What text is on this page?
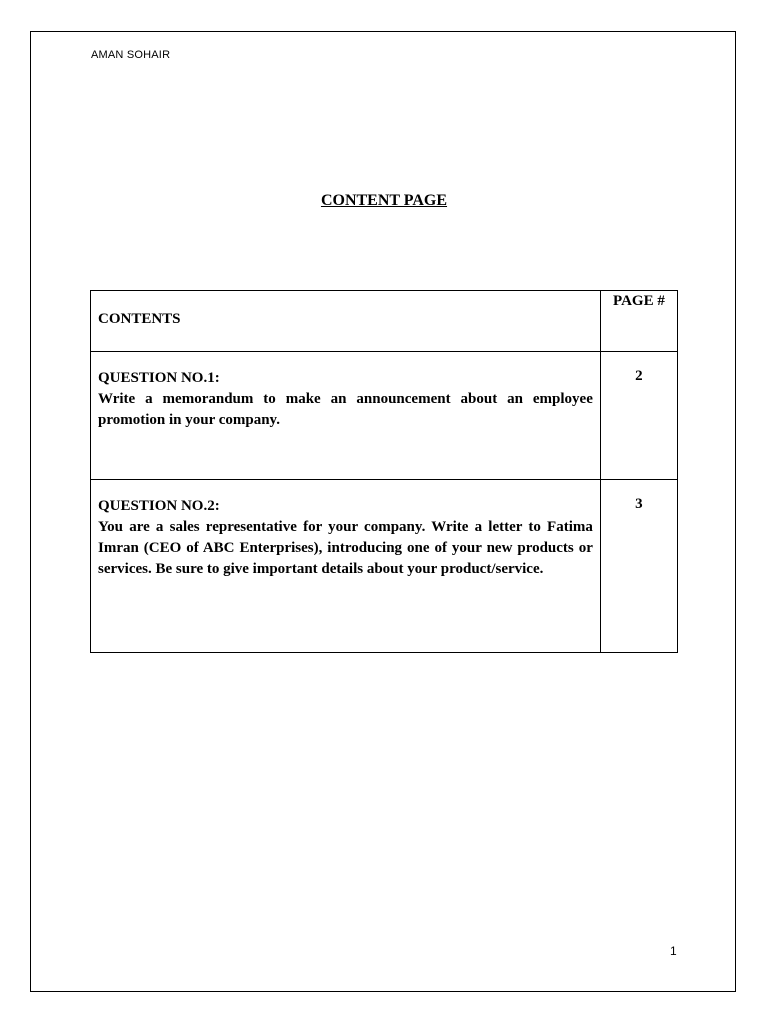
AMAN SOHAIR
CONTENT PAGE
CONTENTS	PAGE #

QUESTION NO.1:
Write a memorandum to make an announcement about an employee promotion in your company.	2

QUESTION NO.2:
You are a sales representative for your company. Write a letter to Fatima Imran (CEO of ABC Enterprises), introducing one of your new products or services. Be sure to give important details about your product/service.	3
1
